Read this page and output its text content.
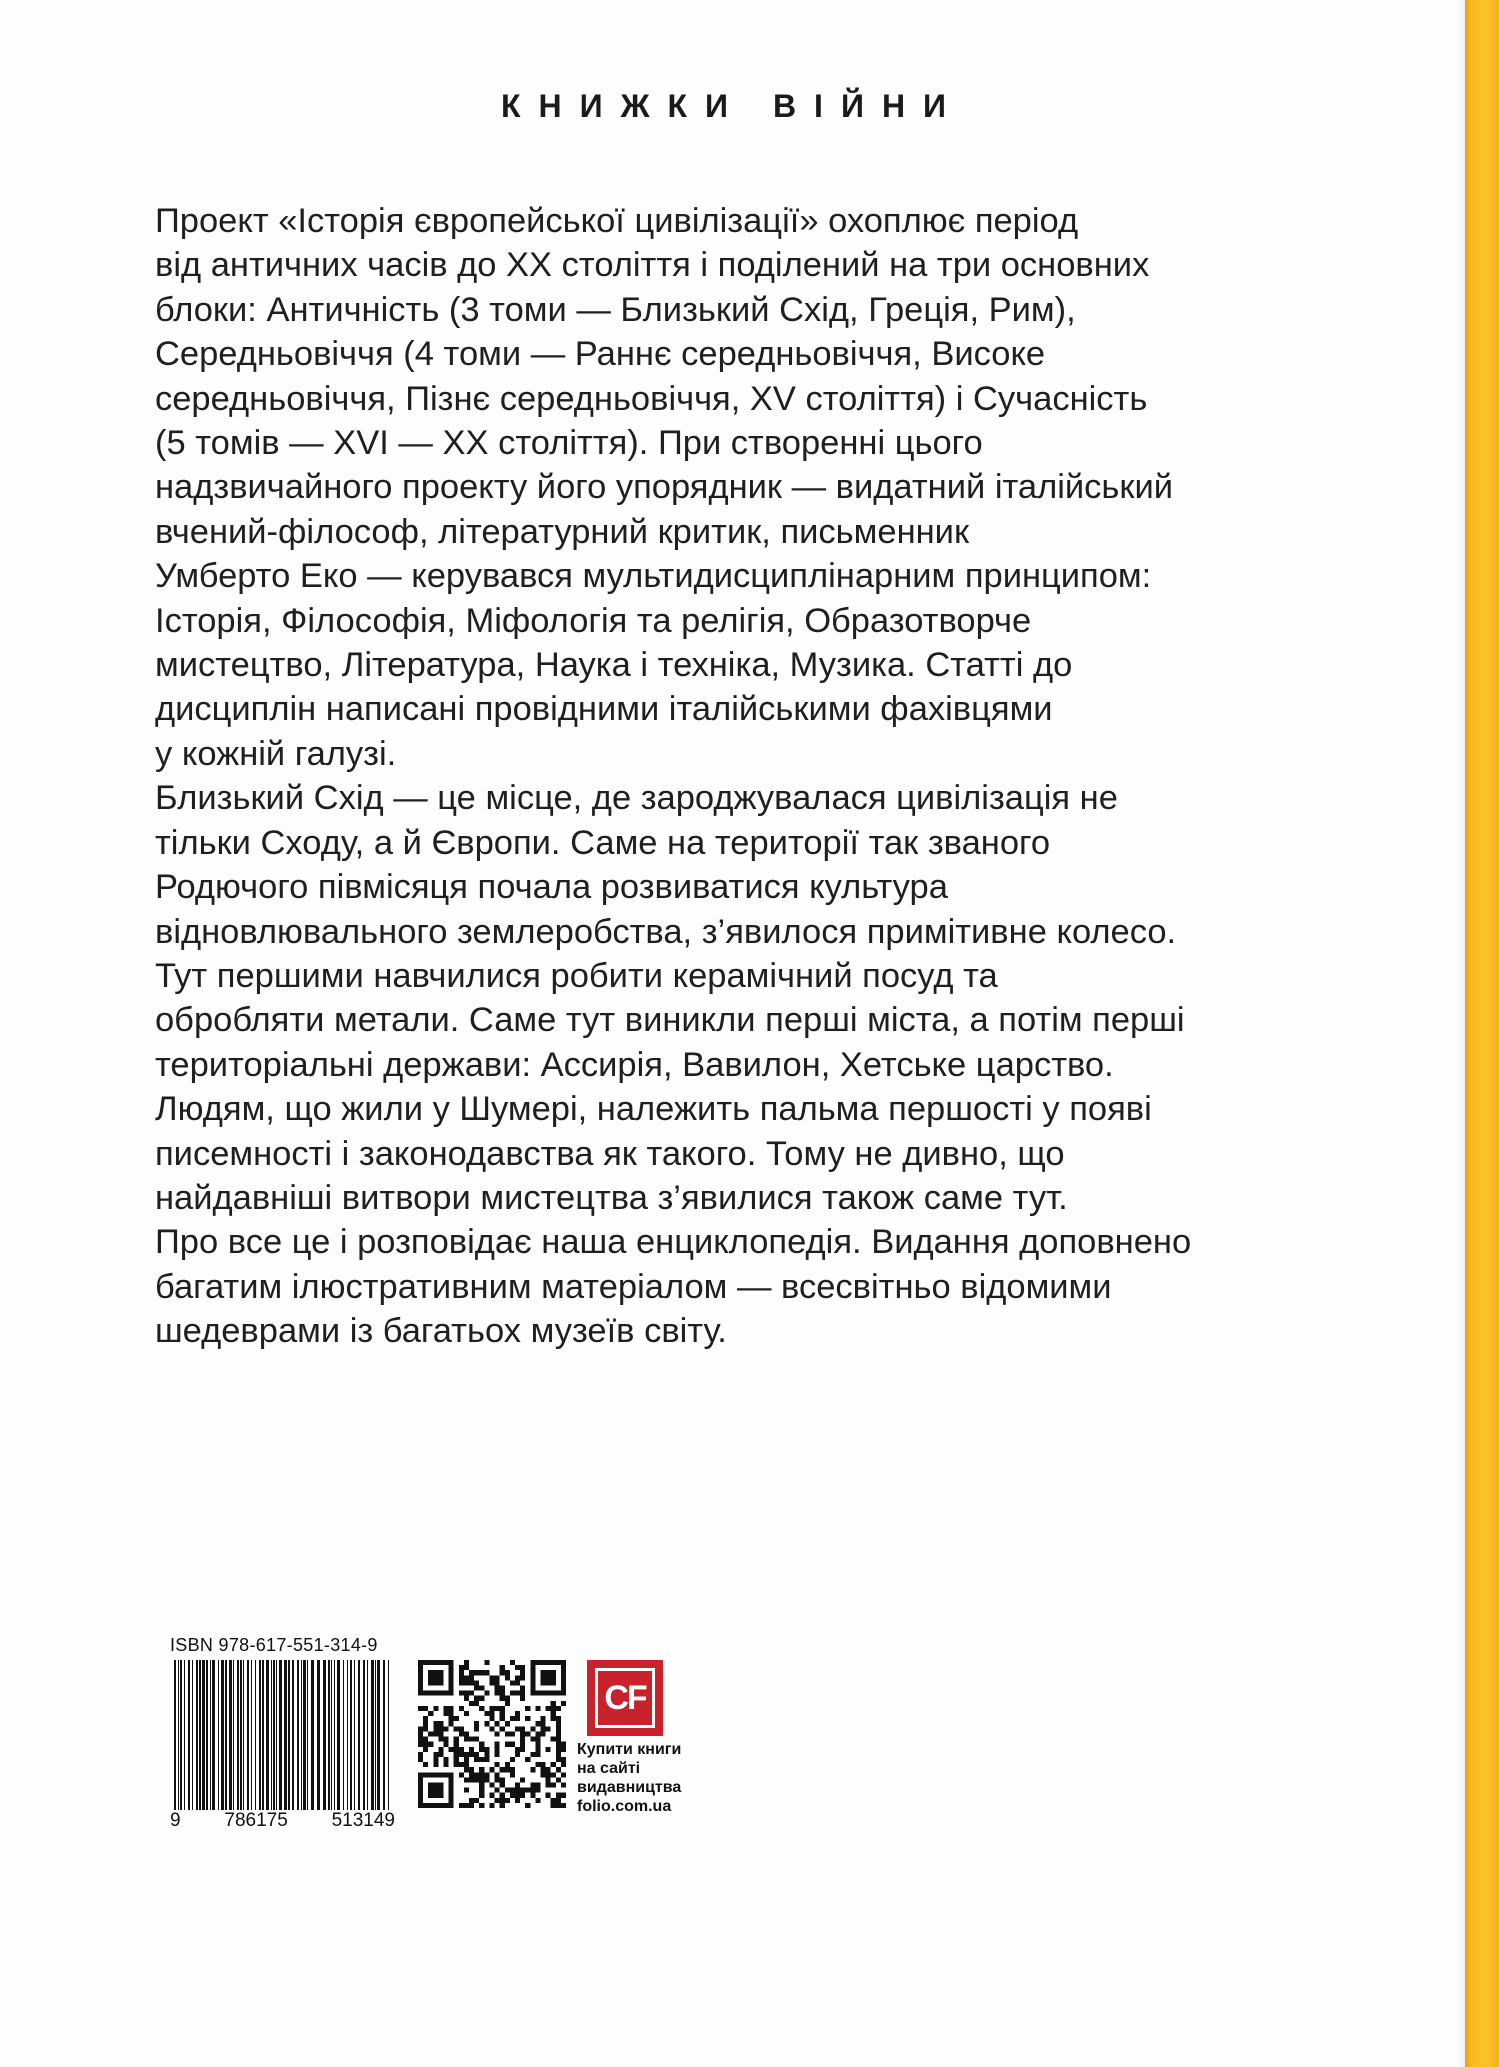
КНИЖКИ ВІЙНИ
Проект «Історія європейської цивілізації» охоплює період
від античних часів до XX століття і поділений на три основних
блоки: Античність (3 томи — Близький Схід, Греція, Рим),
Середньовіччя (4 томи — Раннє середньовіччя, Високе
середньовіччя, Пізнє середньовіччя, XV століття) і Сучасність
(5 томів — XVI — XX століття). При створенні цього
надзвичайного проекту його упорядник — видатний італійський
вчений-філософ, літературний критик, письменник
Умберто Еко — керувався мультидисциплінарним принципом:
Історія, Філософія, Міфологія та релігія, Образотворче
мистецтво, Література, Наука і техніка, Музика. Статті до
дисциплін написані провідними італійськими фахівцями
у кожній галузі.
Близький Схід — це місце, де зароджувалася цивілізація не
тільки Сходу, а й Європи. Саме на території так званого
Родючого півмісяця почала розвиватися культура
відновлювального землеробства, з’явилося примітивне колесо.
Тут першими навчилися робити керамічний посуд та
обробляти метали. Саме тут виникли перші міста, а потім перші
територіальні держави: Ассирія, Вавилон, Хетське царство.
Людям, що жили у Шумері, належить пальма першості у появі
писемності і законодавства як такого. Тому не дивно, що
найдавніші витвори мистецтва з’явилися також саме тут.
Про все це і розповідає наша енциклопедія. Видання доповнено
багатим ілюстративним матеріалом — всесвітньо відомими
шедеврами із багатьох музеїв світу.
ISBN 978-617-551-314-9
9 786175 513149
CF
Купити книги
на сайті
видавництва
folio.com.ua
